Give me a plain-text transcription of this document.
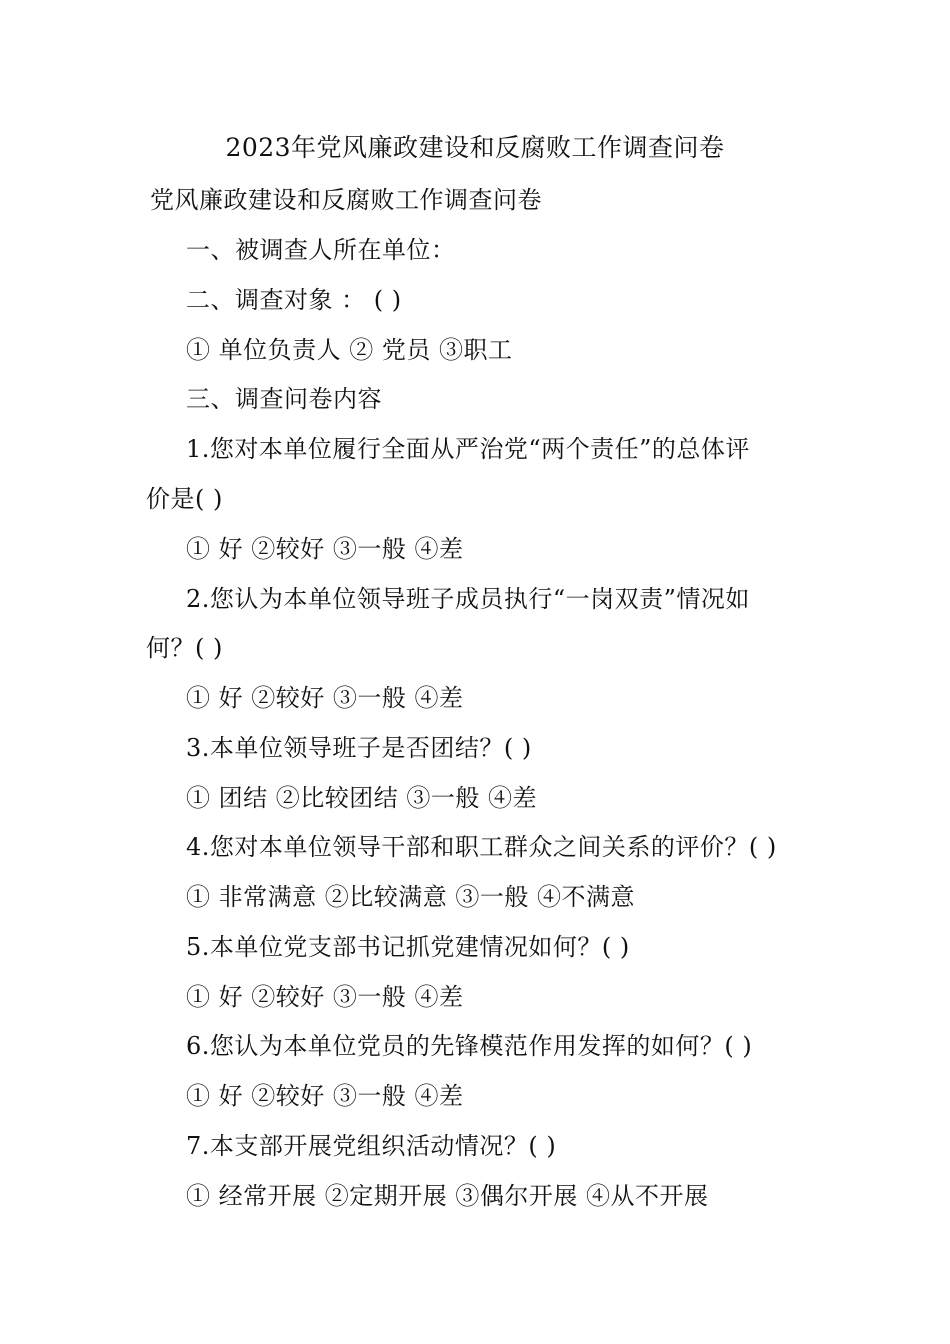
2023年党风廉政建设和反腐败工作调查问卷
党风廉政建设和反腐败工作调查问卷
一、被调查人所在单位：
二、调查对象 ： ( )
① 单位负责人 ② 党员 ③职工
三、调查问卷内容
1.您对本单位履行全面从严治党“两个责任”的总体评
价是( )
① 好 ②较好 ③一般 ④差
2.您认为本单位领导班子成员执行“一岗双责”情况如
何？( )
① 好 ②较好 ③一般 ④差
3.本单位领导班子是否团结？( )
① 团结 ②比较团结 ③一般 ④差
4.您对本单位领导干部和职工群众之间关系的评价？( )
① 非常满意 ②比较满意 ③一般 ④不满意
5.本单位党支部书记抓党建情况如何？( )
① 好 ②较好 ③一般 ④差
6.您认为本单位党员的先锋模范作用发挥的如何？( )
① 好 ②较好 ③一般 ④差
7.本支部开展党组织活动情况？( )
① 经常开展 ②定期开展 ③偶尔开展 ④从不开展
